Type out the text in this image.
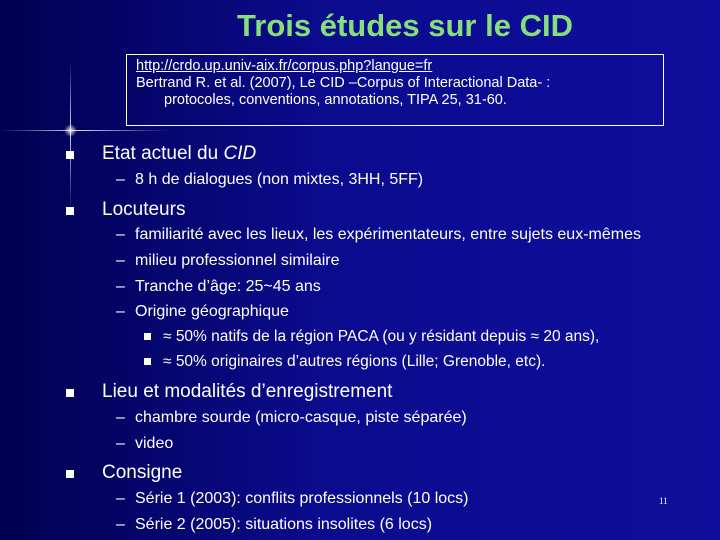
Trois études sur le CID
http://crdo.up.univ-aix.fr/corpus.php?langue=fr
Bertrand R. et al. (2007), Le CID –Corpus of Interactional Data- :
protocoles, conventions, annotations, TIPA 25, 31-60.
Etat actuel du CID
– 8 h de dialogues (non mixtes, 3HH, 5FF)
Locuteurs
– familiarité avec les lieux, les expérimentateurs, entre sujets eux-mêmes
– milieu professionnel similaire
– Tranche d’âge: 25~45 ans
– Origine géographique
≈ 50% natifs de la région PACA (ou y résidant depuis ≈ 20 ans),
≈ 50% originaires d’autres régions (Lille; Grenoble, etc).
Lieu et modalités d’enregistrement
– chambre sourde (micro-casque, piste séparée)
– video
Consigne
– Série 1 (2003): conflits professionnels (10 locs)
– Série 2 (2005): situations insolites (6 locs)
11
